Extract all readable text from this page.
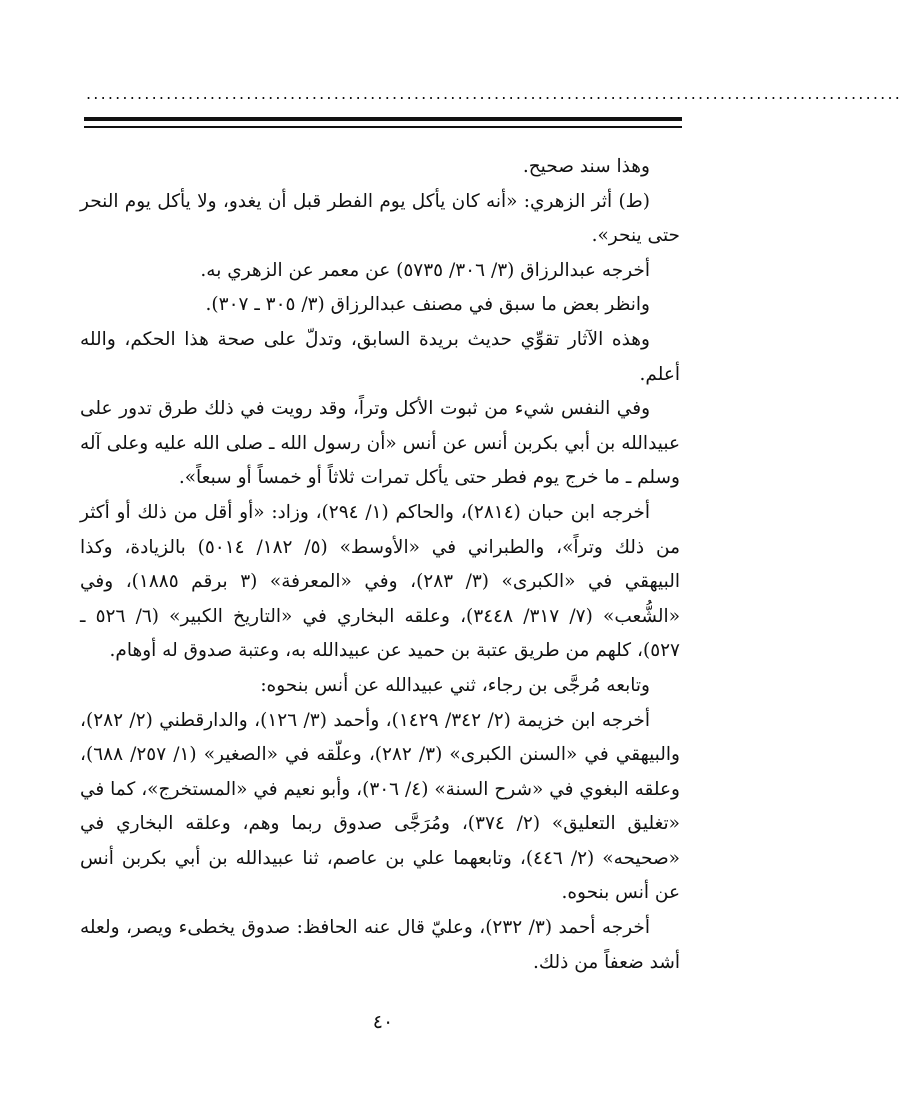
................................................................................................................

وهذا سند صحيح.

(ط) أثر الزهري: «أنه كان يأكل يوم الفطر قبل أن يغدو، ولا يأكل يوم النحر حتى ينحر».

أخرجه عبدالرزاق (٣/ ٣٠٦/ ٥٧٣٥) عن معمر عن الزهري به.

وانظر بعض ما سبق في مصنف عبدالرزاق (٣/ ٣٠٥ ـ ٣٠٧).

وهذه الآثار تقوِّي حديث بريدة السابق، وتدلّ على صحة هذا الحكم، والله أعلم.

وفي النفس شيء من ثبوت الأكل وتراً، وقد رويت في ذلك طرق تدور على عبيدالله بن أبي بكربن أنس عن أنس «أن رسول الله ـ صلى الله عليه وعلى آله وسلم ـ ما خرج يوم فطر حتى يأكل تمرات ثلاثاً أو خمساً أو سبعاً».

أخرجه ابن حبان (٢٨١٤)، والحاكم (١/ ٢٩٤)، وزاد: «أو أقل من ذلك أو أكثر من ذلك وتراً»، والطبراني في «الأوسط» (٥/ ١٨٢/ ٥٠١٤) بالزيادة، وكذا البيهقي في «الكبرى» (٣/ ٢٨٣)، وفي «المعرفة» (٣ برقم ١٨٨٥)، وفي «الشُّعب» (٧/ ٣١٧/ ٣٤٤٨)، وعلقه البخاري في «التاريخ الكبير» (٦/ ٥٢٦ ـ ٥٢٧)، كلهم من طريق عتبة بن حميد عن عبيدالله به، وعتبة صدوق له أوهام.

وتابعه مُرجَّى بن رجاء، ثني عبيدالله عن أنس بنحوه:

أخرجه ابن خزيمة (٢/ ٣٤٢/ ١٤٢٩)، وأحمد (٣/ ١٢٦)، والدارقطني (٢/ ٢٨٢)، والبيهقي في «السنن الكبرى» (٣/ ٢٨٢)، وعلّقه في «الصغير» (١/ ٢٥٧/ ٦٨٨)، وعلقه البغوي في «شرح السنة» (٤/ ٣٠٦)، وأبو نعيم في «المستخرج»، كما في «تغليق التعليق» (٢/ ٣٧٤)، ومُرَجَّى صدوق ربما وهم، وعلقه البخاري في «صحيحه» (٢/ ٤٤٦)، وتابعهما علي بن عاصم، ثنا عبيدالله بن أبي بكربن أنس عن أنس بنحوه.

أخرجه أحمد (٣/ ٢٣٢)، وعليّ قال عنه الحافظ: صدوق يخطىء ويصر، ولعله أشد ضعفاً من ذلك.

٤٠
